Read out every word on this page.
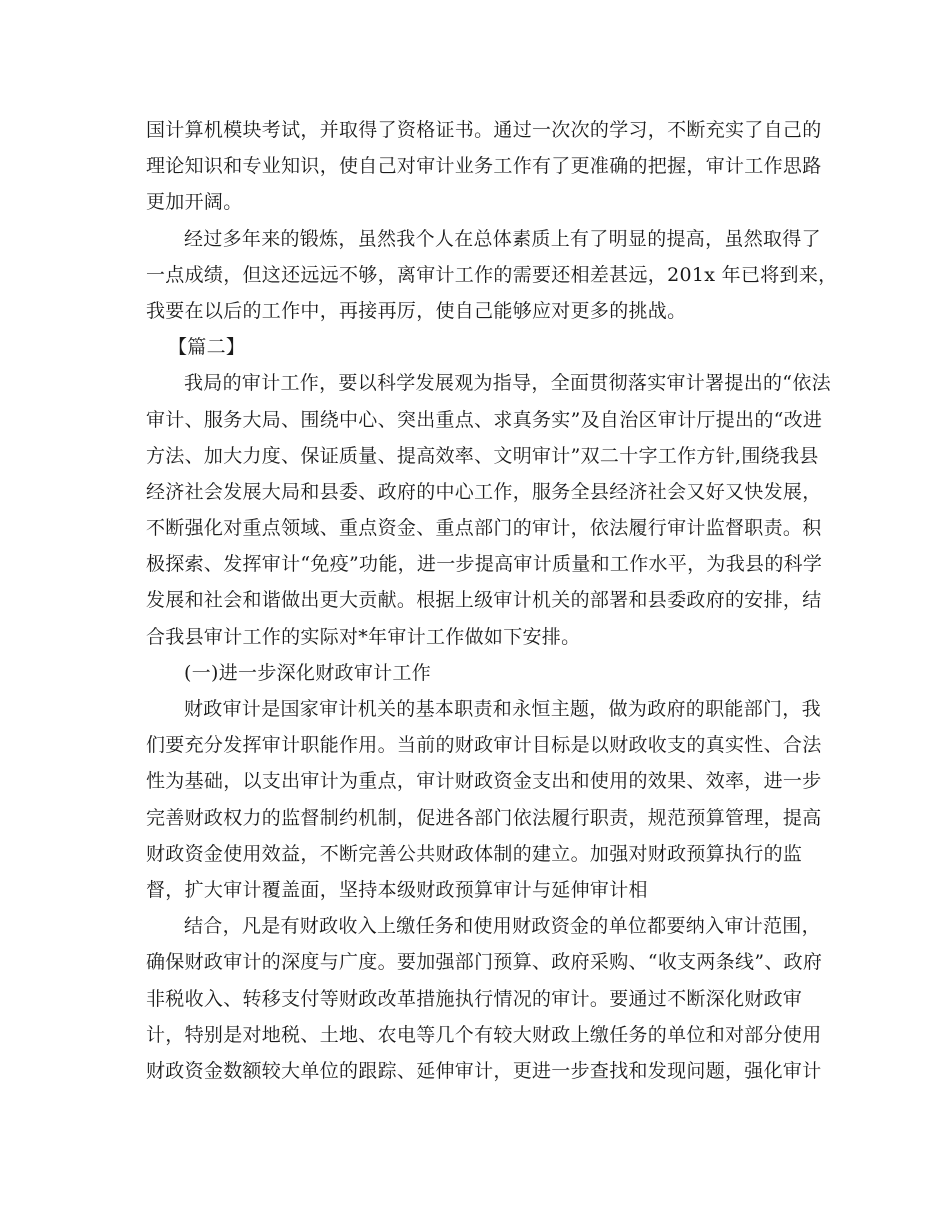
国计算机模块考试，并取得了资格证书。通过一次次的学习，不断充实了自己的
理论知识和专业知识，使自己对审计业务工作有了更准确的把握，审计工作思路
更加开阔。
经过多年来的锻炼，虽然我个人在总体素质上有了明显的提高，虽然取得了
一点成绩，但这还远远不够，离审计工作的需要还相差甚远，201x 年已将到来，
我要在以后的工作中，再接再厉，使自己能够应对更多的挑战。
【篇二】
我局的审计工作，要以科学发展观为指导，全面贯彻落实审计署提出的“依法
审计、服务大局、围绕中心、突出重点、求真务实”及自治区审计厅提出的“改进
方法、加大力度、保证质量、提高效率、文明审计”双二十字工作方针,围绕我县
经济社会发展大局和县委、政府的中心工作，服务全县经济社会又好又快发展，
不断强化对重点领域、重点资金、重点部门的审计，依法履行审计监督职责。积
极探索、发挥审计“免疫”功能，进一步提高审计质量和工作水平，为我县的科学
发展和社会和谐做出更大贡献。根据上级审计机关的部署和县委政府的安排，结
合我县审计工作的实际对*年审计工作做如下安排。
(一)进一步深化财政审计工作
财政审计是国家审计机关的基本职责和永恒主题，做为政府的职能部门，我
们要充分发挥审计职能作用。当前的财政审计目标是以财政收支的真实性、合法
性为基础，以支出审计为重点，审计财政资金支出和使用的效果、效率，进一步
完善财政权力的监督制约机制，促进各部门依法履行职责，规范预算管理，提高
财政资金使用效益，不断完善公共财政体制的建立。加强对财政预算执行的监
督，扩大审计覆盖面，坚持本级财政预算审计与延伸审计相
结合，凡是有财政收入上缴任务和使用财政资金的单位都要纳入审计范围，
确保财政审计的深度与广度。要加强部门预算、政府采购、“收支两条线”、政府
非税收入、转移支付等财政改革措施执行情况的审计。要通过不断深化财政审
计，特别是对地税、土地、农电等几个有较大财政上缴任务的单位和对部分使用
财政资金数额较大单位的跟踪、延伸审计，更进一步查找和发现问题，强化审计
